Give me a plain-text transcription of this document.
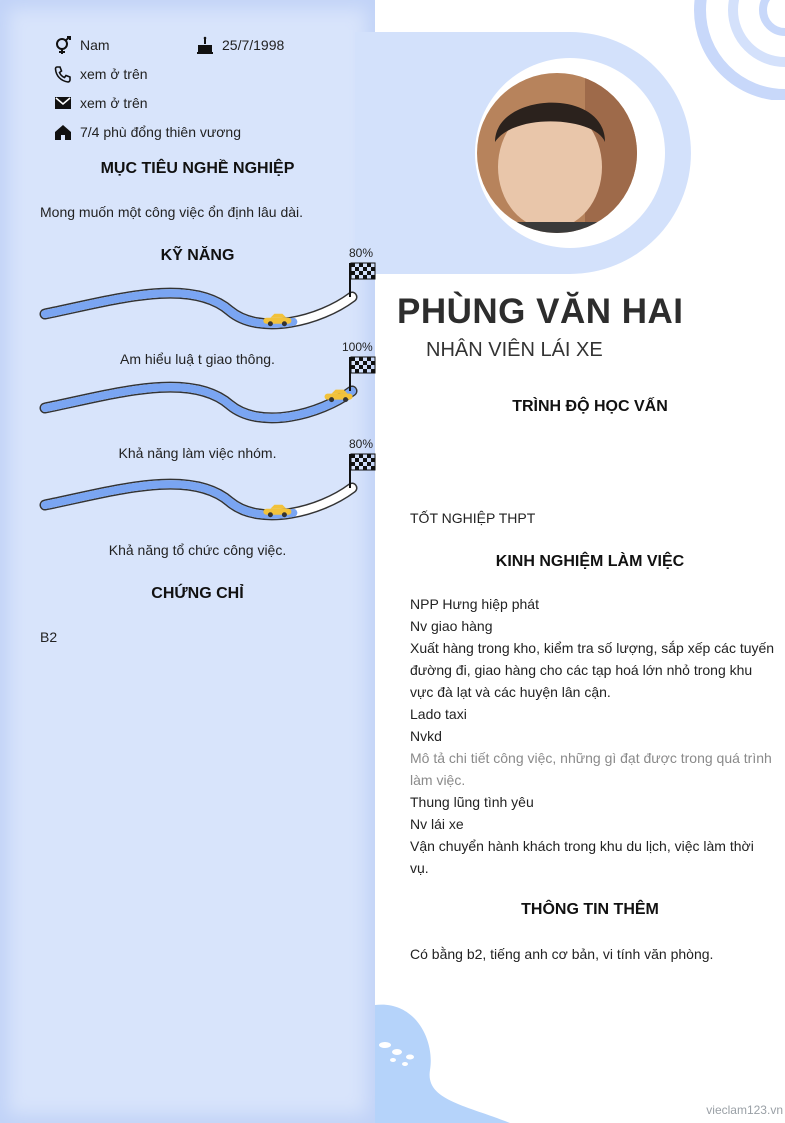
Nam	25/7/1998
xem ở trên
xem ở trên
7/4 phù đổng thiên vương
MỤC TIÊU NGHỀ NGHIỆP
Mong muốn một công việc ổn định lâu dài.
KỸ NĂNG
CHỨNG CHỈ
B2
PHÙNG VĂN HAI
NHÂN VIÊN LÁI XE
TRÌNH ĐỘ HỌC VẤN
TỐT NGHIỆP THPT
KINH NGHIỆM LÀM VIỆC
NPP Hưng hiệp phát
Nv giao hàng
Xuất hàng trong kho, kiểm tra số lượng, sắp xếp các tuyến đường đi, giao hàng cho các tạp hoá lớn nhỏ trong khu vực đà lạt và các huyện lân cận.
Lado taxi
Nvkd
Mô tả chi tiết công việc, những gì đạt được trong quá trình làm việc.
Thung lũng tình yêu
Nv lái xe
Vận chuyển hành khách trong khu du lịch, việc làm thời vụ.
THÔNG TIN THÊM
Có bằng b2, tiếng anh cơ bản, vi tính văn phòng.
vieclam123.vn
80%
Am hiểu luậ t giao thông.
100%
Khả năng làm việc nhóm.
80%
Khả năng tổ chức công việc.
